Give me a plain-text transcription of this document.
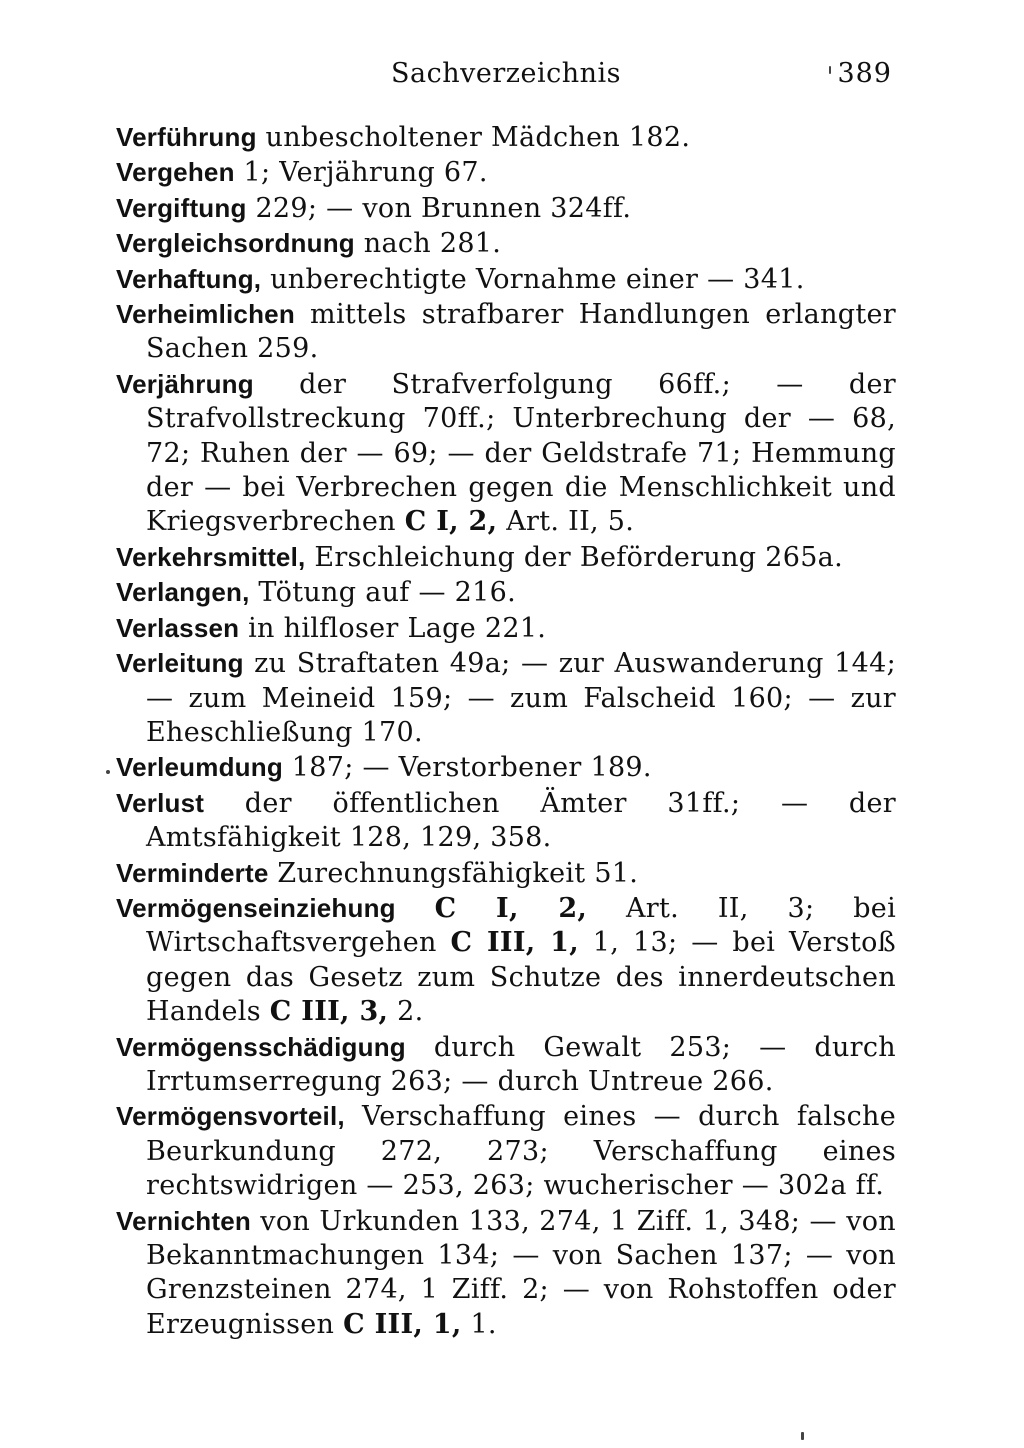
Sachverzeichnis	389

Verführung unbescholtener Mädchen 182.

Vergehen 1; Verjährung 67.

Vergiftung 229; — von Brunnen 324ff.

Vergleichsordnung nach 281.

Verhaftung, unberechtigte Vornahme einer — 341.

Verheimlichen mittels strafbarer Handlungen erlangter Sachen 259.

Verjährung der Strafverfolgung 66ff.; — der Strafvollstreckung 70ff.; Unterbrechung der — 68, 72; Ruhen der — 69; — der Geldstrafe 71; Hemmung der — bei Verbrechen gegen die Menschlichkeit und Kriegsverbrechen C I, 2, Art. II, 5.

Verkehrsmittel, Erschleichung der Beförderung 265a.

Verlangen, Tötung auf — 216.

Verlassen in hilfloser Lage 221.

Verleitung zu Straftaten 49a; — zur Auswanderung 144; — zum Meineid 159; — zum Falscheid 160; — zur Eheschließung 170.

Verleumdung 187; — Verstorbener 189.

Verlust der öffentlichen Ämter 31ff.; — der Amtsfähigkeit 128, 129, 358.

Verminderte Zurechnungsfähigkeit 51.

Vermögenseinziehung C I, 2, Art. II, 3; bei Wirtschaftsvergehen C III, 1, 1, 13; — bei Verstoß gegen das Gesetz zum Schutze des innerdeutschen Handels C III, 3, 2.

Vermögensschädigung durch Gewalt 253; — durch Irrtumserregung 263; — durch Untreue 266.

Vermögensvorteil, Verschaffung eines — durch falsche Beurkundung 272, 273; Verschaffung eines rechtswidrigen — 253, 263; wucherischer — 302a ff.

Vernichten von Urkunden 133, 274, 1 Ziff. 1, 348; — von Bekanntmachungen 134; — von Sachen 137; — von Grenzsteinen 274, 1 Ziff. 2; — von Rohstoffen oder Erzeugnissen C III, 1, 1.
